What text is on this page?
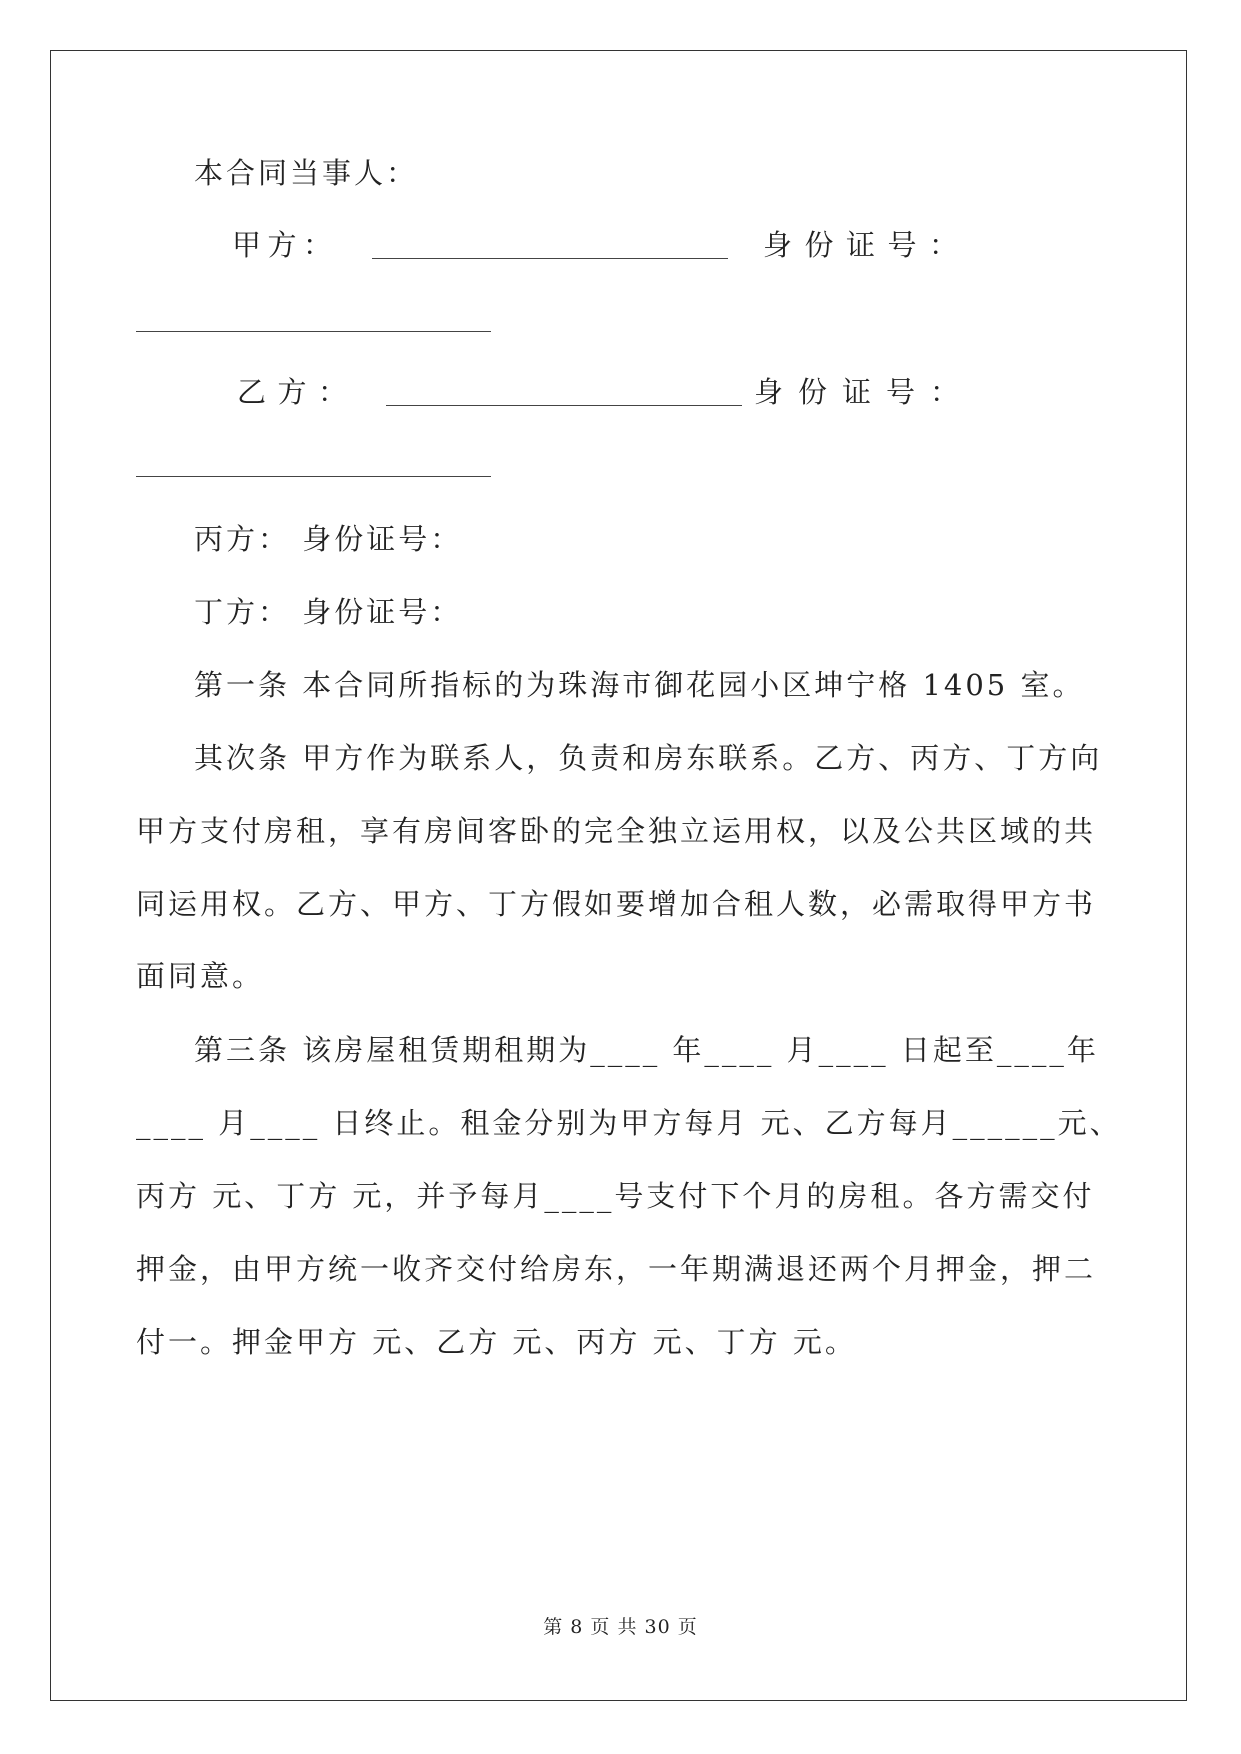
本合同当事人：
甲 方 ：	身 份 证 号 ：
乙 方 ：	身 份 证 号 ：
丙方： 身份证号：
丁方： 身份证号：
第一条 本合同所指标的为珠海市御花园小区坤宁格 1405 室。
其次条 甲方作为联系人，负责和房东联系。乙方、丙方、丁方向
甲方支付房租，享有房间客卧的完全独立运用权，以及公共区域的共
同运用权。乙方、甲方、丁方假如要增加合租人数，必需取得甲方书
面同意。
第三条 该房屋租赁期租期为____ 年____ 月____ 日起至____年
____ 月____ 日终止。租金分别为甲方每月 元、乙方每月______元、
丙方 元、丁方 元，并予每月____号支付下个月的房租。各方需交付
押金，由甲方统一收齐交付给房东，一年期满退还两个月押金，押二
付一。押金甲方 元、乙方 元、丙方 元、丁方 元。
第 8 页 共 30 页
